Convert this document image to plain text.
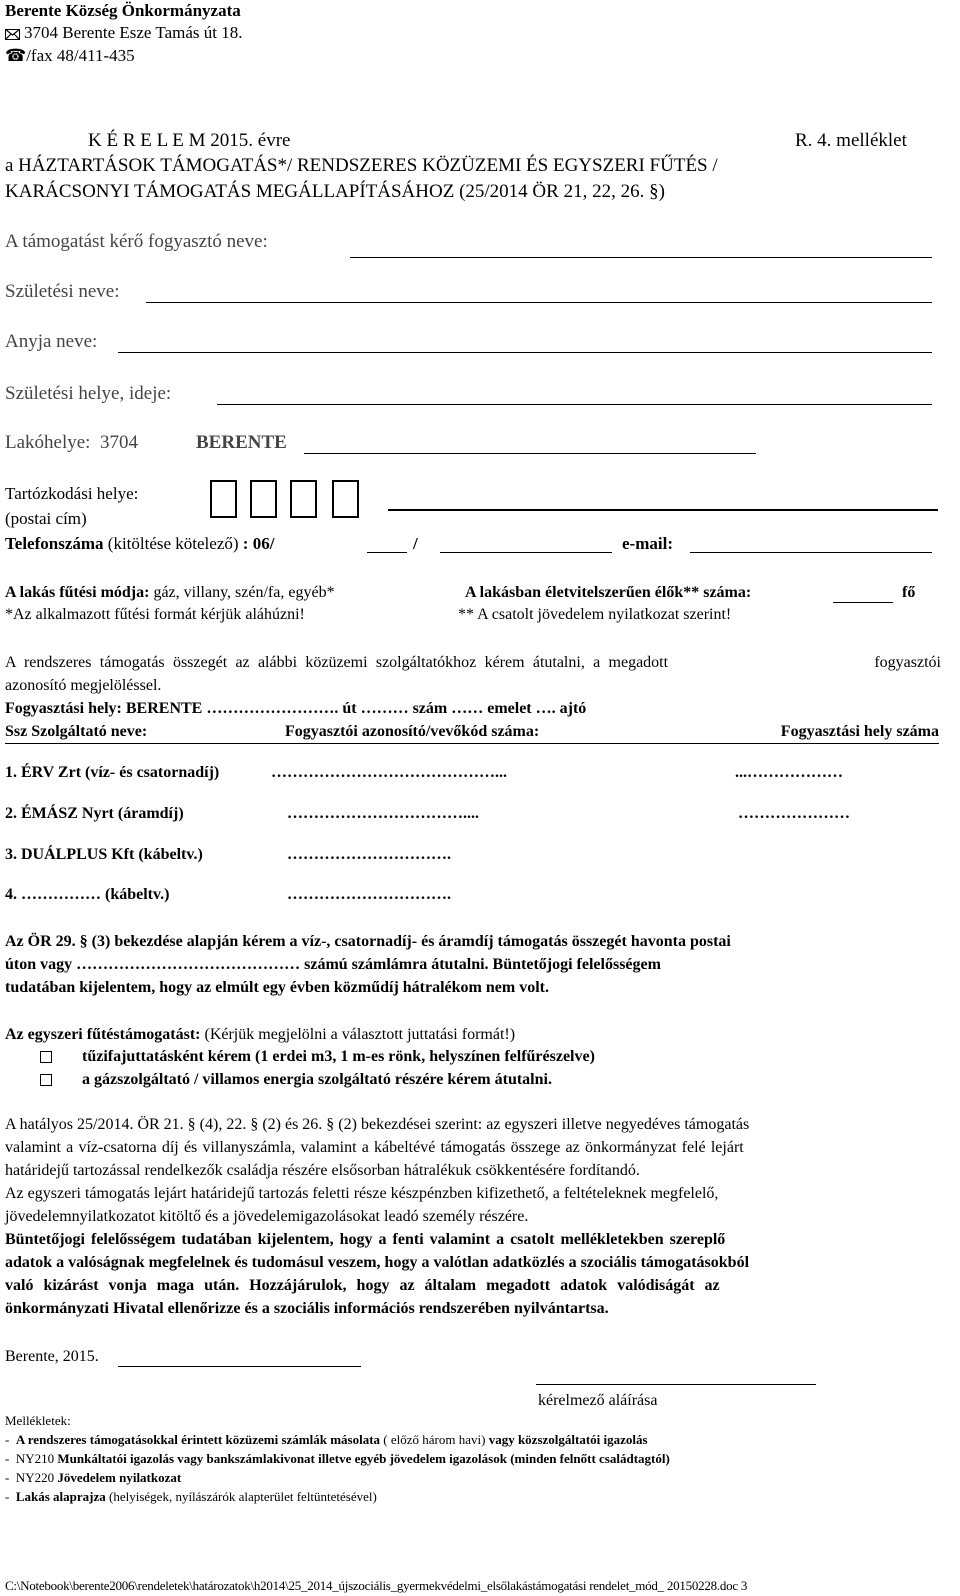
Berente Község Önkormányzata
3704 Berente Esze Tamás út 18.
☎/fax 48/411-435
K É R E L E M 2015. évre	R. 4. melléklet
a HÁZTARTÁSOK TÁMOGATÁS*/ RENDSZERES KÖZÜZEMI ÉS EGYSZERI FŰTÉS /
KARÁCSONYI TÁMOGATÁS MEGÁLLAPÍTÁSÁHOZ (25/2014 ÖR 21, 22, 26. §)
A támogatást kérő fogyasztó neve:
Születési neve:
Anyja neve:
Születési helye, ideje:
Lakóhelye: 3704	BERENTE
Tartózkodási helye:
(postai cím)
Telefonszáma (kitöltése kötelező) : 06/	/	e-mail:
A lakás fűtési módja: gáz, villany, szén/fa, egyéb*	A lakásban életvitelszerűen élők** száma:	fő
*Az alkalmazott fűtési formát kérjük aláhúzni!	** A csatolt jövedelem nyilatkozat szerint!
A rendszeres támogatás összegét az alábbi közüzemi szolgáltatókhoz kérem átutalni, a megadott	fogyasztói
azonosító megjelöléssel.
Fogyasztási hely: BERENTE ……………………. út ……… szám …… emelet …. ajtó
Ssz Szolgáltató neve:	Fogyasztói azonosító/vevőkód száma:	Fogyasztási hely száma
1. ÉRV Zrt (víz- és csatornadíj)	……………………………………...	...………………
2. ÉMÁSZ Nyrt (áramdíj)	……………………………....	…………………
3. DUÁLPLUS Kft (kábeltv.)	………………………….
4. …………… (kábeltv.)	………………………….
Az ÖR 29. § (3) bekezdése alapján kérem a víz-, csatornadíj- és áramdíj támogatás összegét havonta postai
úton vagy …………………………………… számú számlámra átutalni. Büntetőjogi felelősségem
tudatában kijelentem, hogy az elmúlt egy évben közműdíj hátralékom nem volt.
Az egyszeri fűtéstámogatást: (Kérjük megjelölni a választott juttatási formát!)
tűzifajuttatásként kérem (1 erdei m3, 1 m-es rönk, helyszínen felfűrészelve)
a gázszolgáltató / villamos energia szolgáltató részére kérem átutalni.
A hatályos 25/2014. ÖR 21. § (4), 22. § (2) és 26. § (2) bekezdései szerint: az egyszeri illetve negyedéves támogatás
valamint a víz-csatorna díj és villanyszámla, valamint a kábeltévé támogatás összege az önkormányzat felé lejárt
határidejű tartozással rendelkezők családja részére elsősorban hátralékuk csökkentésére fordítandó.
Az egyszeri támogatás lejárt határidejű tartozás feletti része készpénzben kifizethető, a feltételeknek megfelelő,
jövedelemnyilatkozatot kitöltő és a jövedelemigazolásokat leadó személy részére.
Büntetőjogi felelősségem tudatában kijelentem, hogy a fenti valamint a csatolt mellékletekben szereplő
adatok a valóságnak megfelelnek és tudomásul veszem, hogy a valótlan adatközlés a szociális támogatásokból
való kizárást vonja maga után. Hozzájárulok, hogy az általam megadott adatok valódiságát az
önkormányzati Hivatal ellenőrizze és a szociális információs rendszerében nyilvántartsa.
Berente, 2015.
kérelmező aláírása
Mellékletek:
-  A rendszeres támogatásokkal érintett közüzemi számlák másolata ( előző három havi) vagy közszolgáltatói igazolás
-  NY210 Munkáltatói igazolás vagy bankszámlakivonat illetve egyéb jövedelem igazolások (minden felnőtt családtagtól)
-  NY220 Jövedelem nyilatkozat
-  Lakás alaprajza (helyiségek, nyílászárók alapterület feltüntetésével)
C:\Notebook\berente2006\rendeletek\határozatok\h2014\25_2014_újszociális_gyermekvédelmi_elsőlakástámogatási rendelet_mód_ 20150228.doc 3
